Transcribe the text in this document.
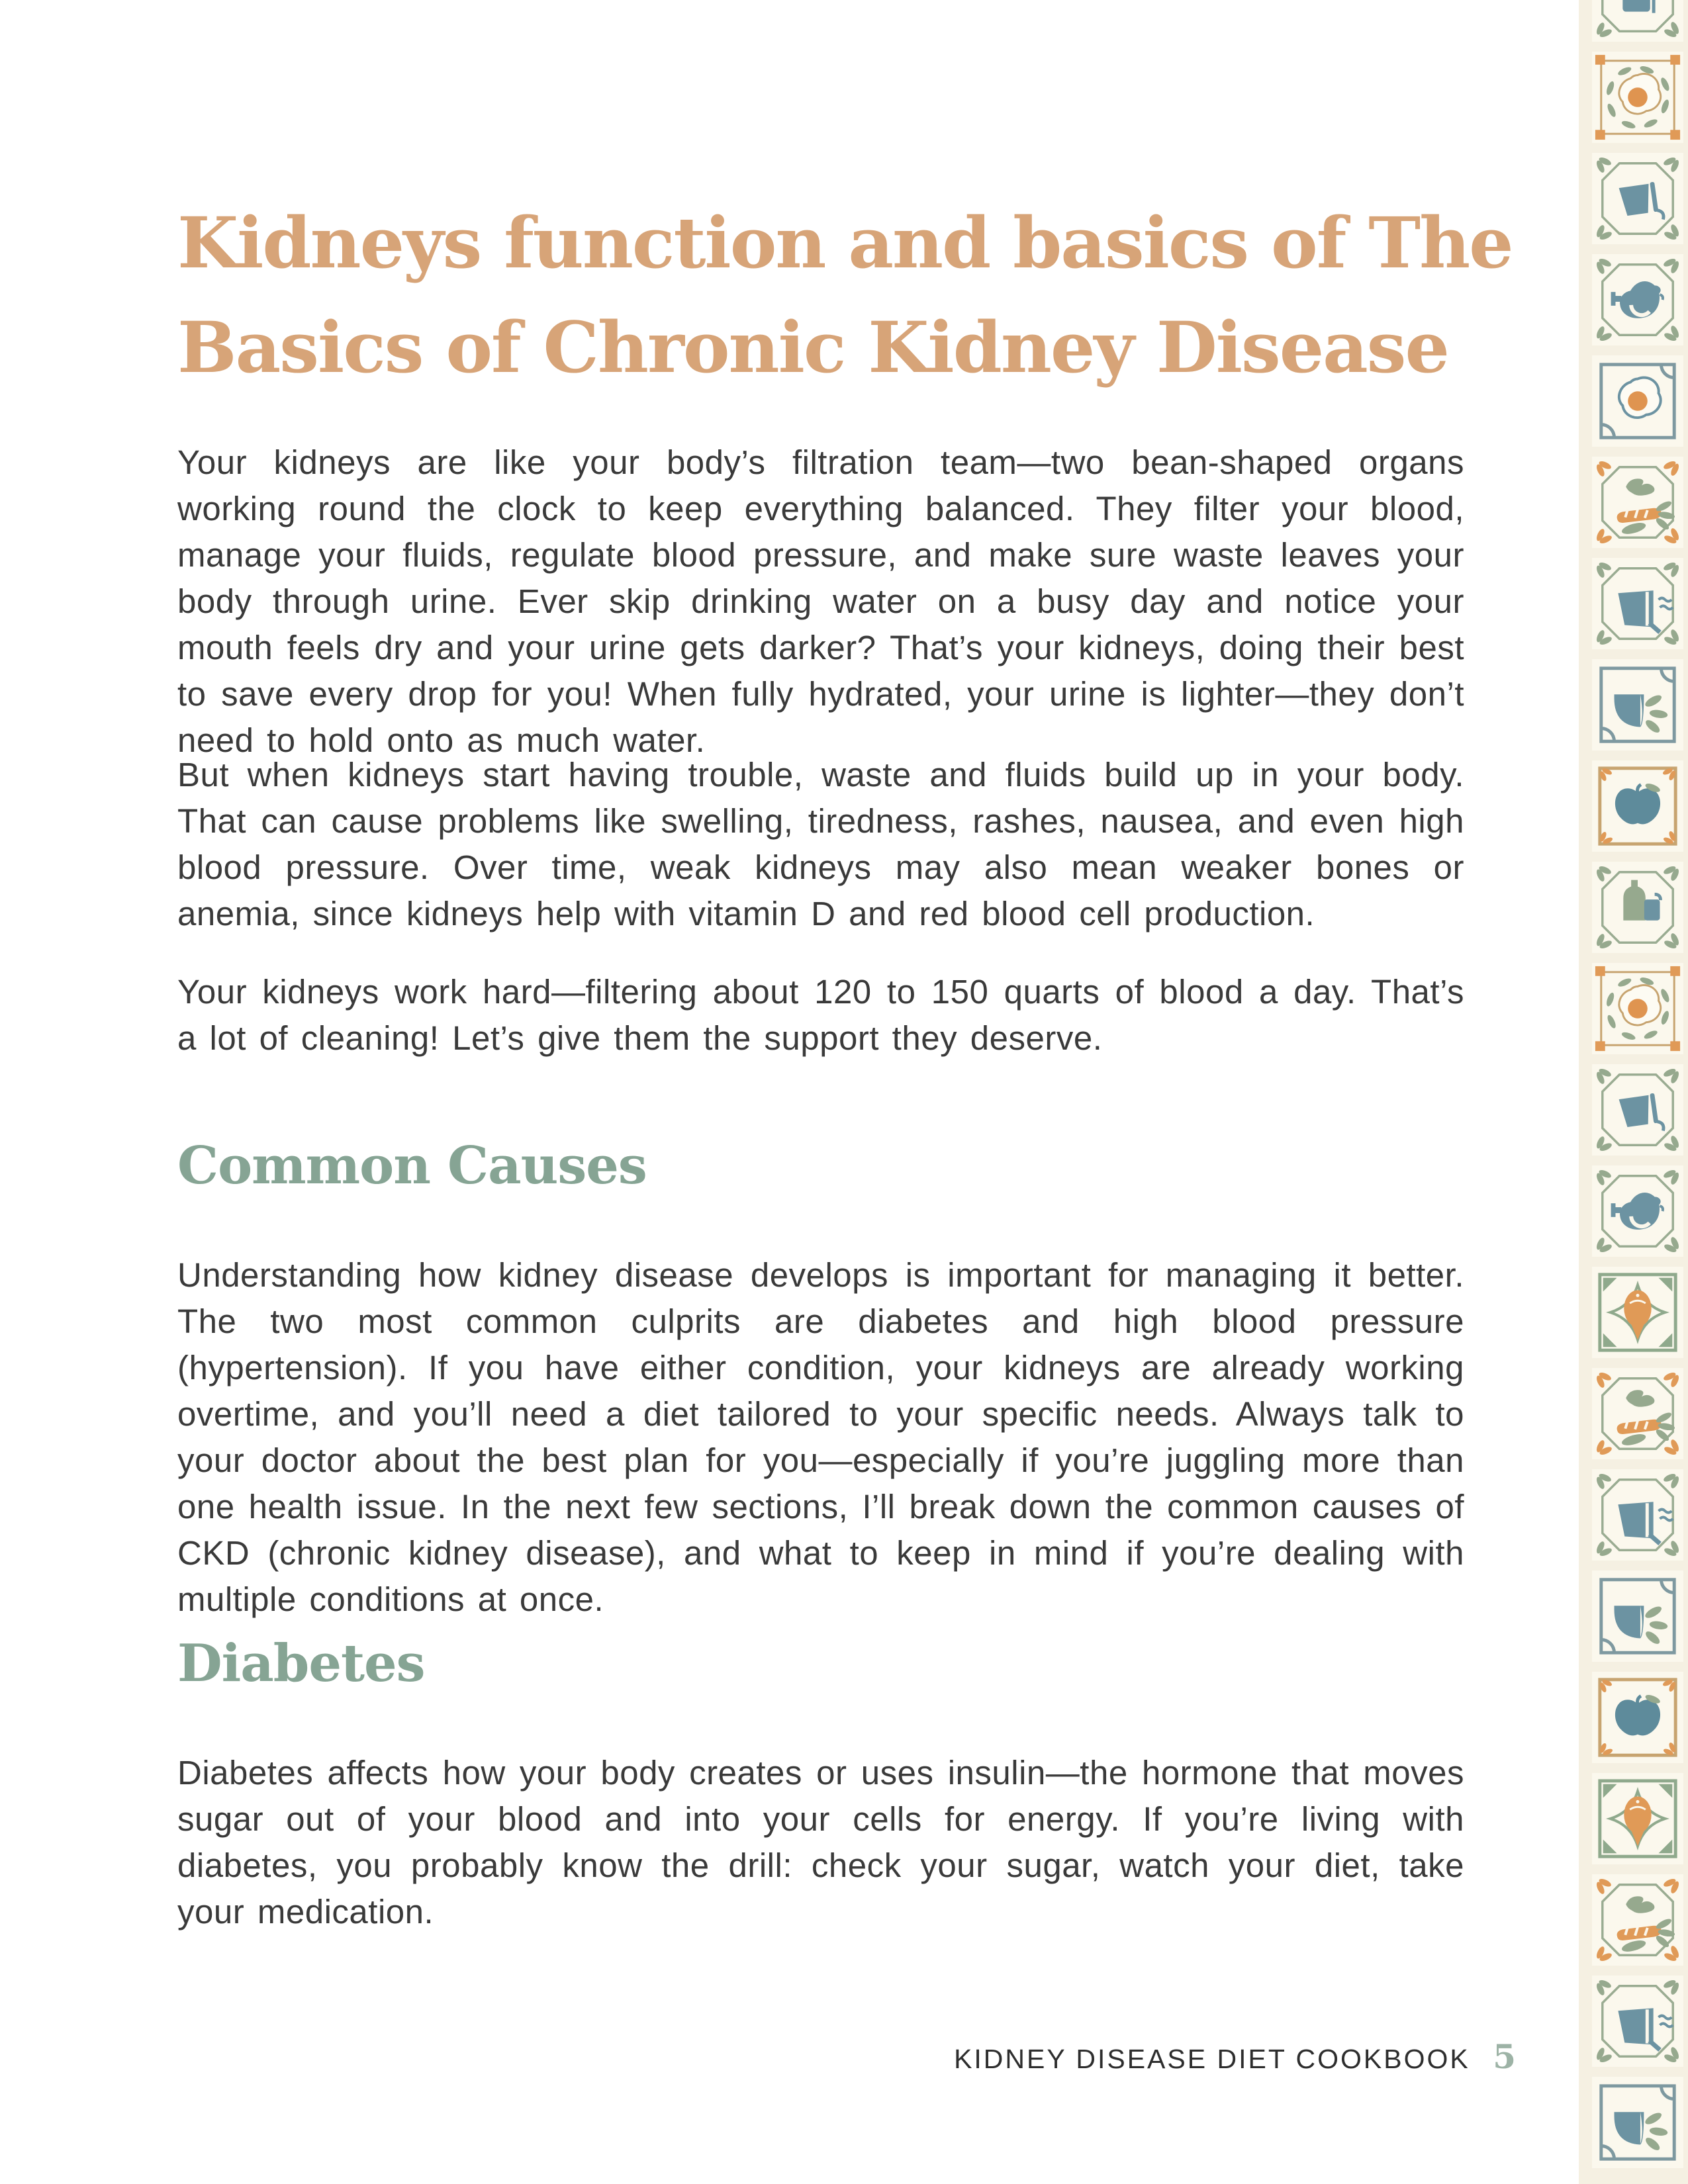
Kidneys function and basics of The
Basics of Chronic Kidney Disease
Your kidneys are like your body’s filtration team—two bean-shaped organs working round the clock to keep everything balanced. They filter your blood, manage your fluids, regulate blood pressure, and make sure waste leaves your body through urine. Ever skip drinking water on a busy day and notice your mouth feels dry and your urine gets darker? That’s your kidneys, doing their best to save every drop for you! When fully hydrated, your urine is lighter—they don’t need to hold onto as much water.
But when kidneys start having trouble, waste and fluids build up in your body. That can cause problems like swelling, tiredness, rashes, nausea, and even high blood pressure. Over time, weak kidneys may also mean weaker bones or anemia, since kidneys help with vitamin D and red blood cell production.
Your kidneys work hard—filtering about 120 to 150 quarts of blood a day. That’s a lot of cleaning! Let’s give them the support they deserve.
Common Causes
Understanding how kidney disease develops is important for managing it better. The two most common culprits are diabetes and high blood pressure (hypertension). If you have either condition, your kidneys are already working overtime, and you’ll need a diet tailored to your specific needs. Always talk to your doctor about the best plan for you—especially if you’re juggling more than one health issue. In the next few sections, I’ll break down the common causes of CKD (chronic kidney disease), and what to keep in mind if you’re dealing with multiple conditions at once.
Diabetes
Diabetes affects how your body creates or uses insulin—the hormone that moves sugar out of your blood and into your cells for energy. If you’re living with diabetes, you probably know the drill: check your sugar, watch your diet, take your medication.
KIDNEY DISEASE DIET COOKBOOK 5
